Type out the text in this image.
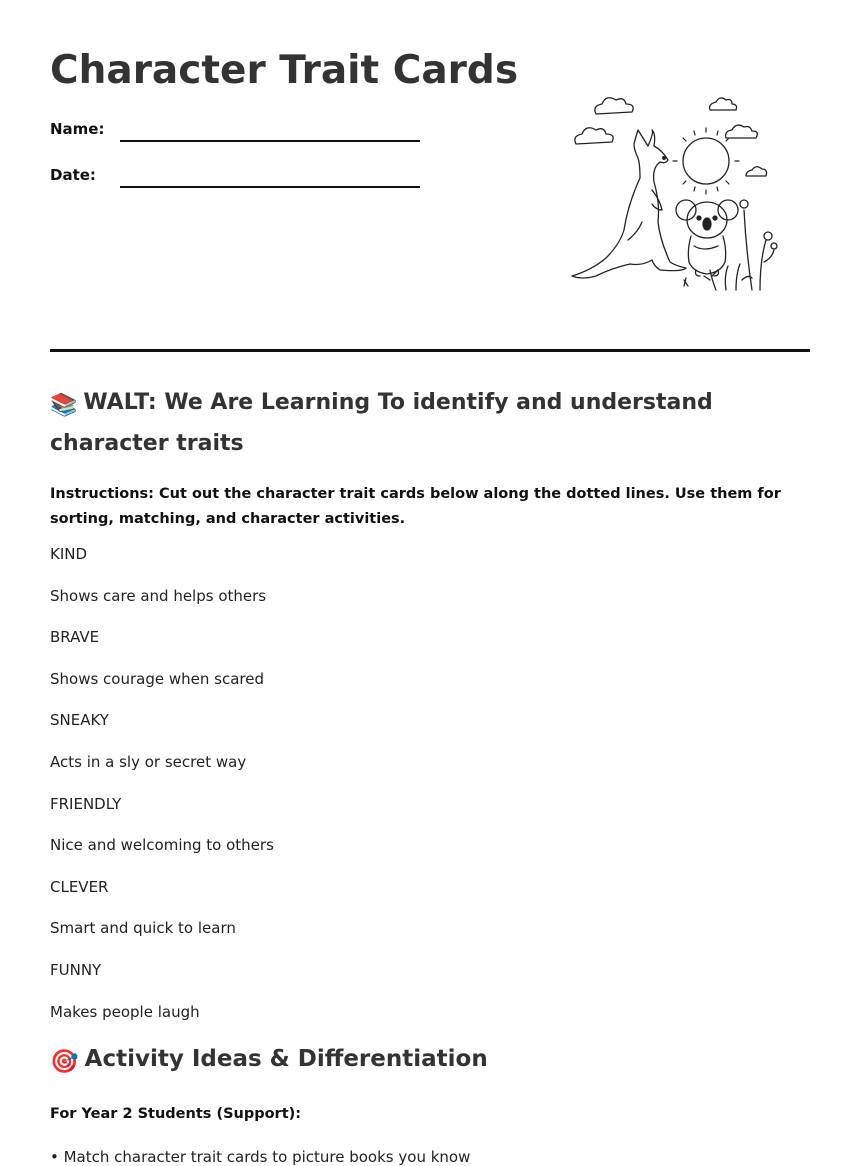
Character Trait Cards
Name:
Date:
📚 WALT: We Are Learning To identify and understand character traits

Instructions: Cut out the character trait cards below along the dotted lines. Use them for sorting, matching, and character activities.

KIND

Shows care and helps others

BRAVE

Shows courage when scared

SNEAKY

Acts in a sly or secret way

FRIENDLY

Nice and welcoming to others

CLEVER

Smart and quick to learn

FUNNY

Makes people laugh

🎯 Activity Ideas & Differentiation

For Year 2 Students (Support):

• Match character trait cards to picture books you know
